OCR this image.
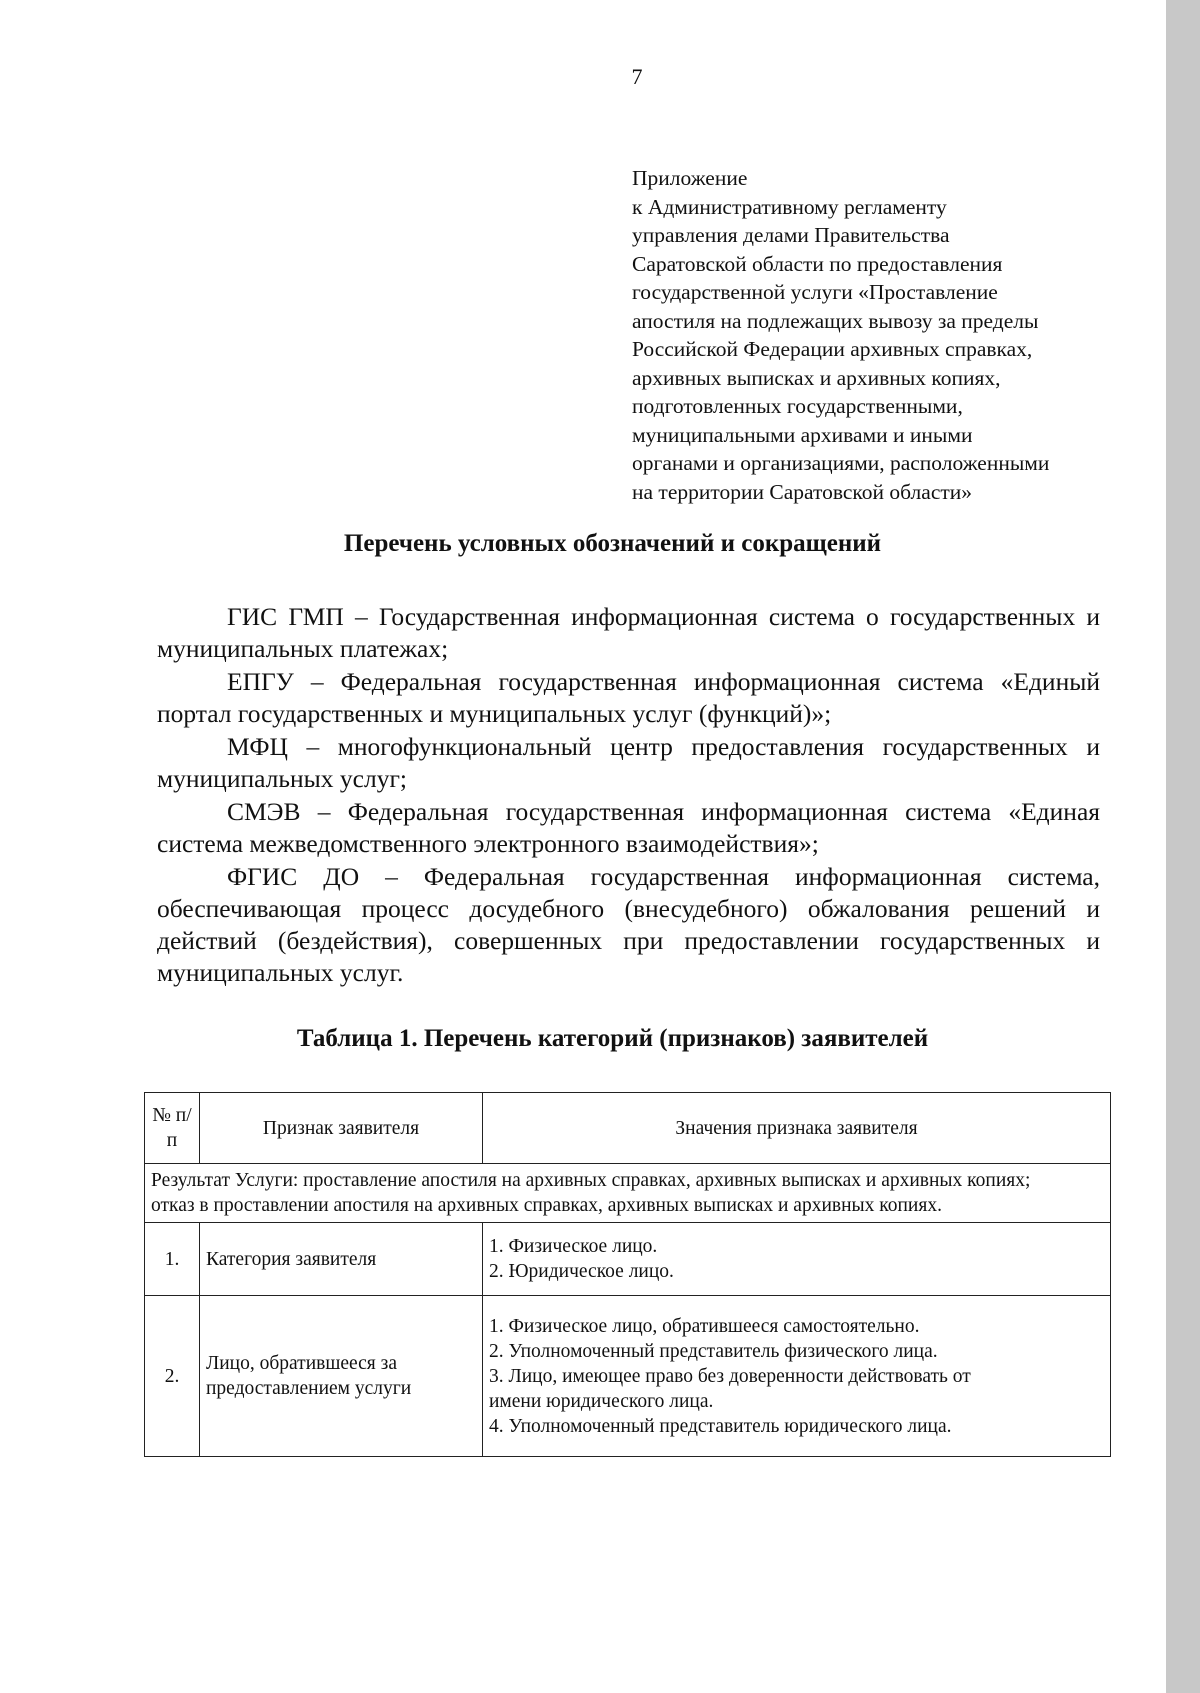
7
Приложение
к Административному регламенту
управления делами Правительства
Саратовской области по предоставления
государственной услуги «Проставление
апостиля на подлежащих вывозу за пределы
Российской Федерации архивных справках,
архивных выписках и архивных копиях,
подготовленных государственными,
муниципальными архивами и иными
органами и организациями, расположенными
на территории Саратовской области»
Перечень условных обозначений и сокращений
ГИС ГМП – Государственная информационная система о государственных и муниципальных платежах;
ЕПГУ – Федеральная государственная информационная система «Единый портал государственных и муниципальных услуг (функций)»;
МФЦ – многофункциональный центр предоставления государственных и муниципальных услуг;
СМЭВ – Федеральная государственная информационная система «Единая система межведомственного электронного взаимодействия»;
ФГИС ДО – Федеральная государственная информационная система, обеспечивающая процесс досудебного (внесудебного) обжалования решений и действий (бездействия), совершенных при предоставлении государственных и муниципальных услуг.
Таблица 1. Перечень категорий (признаков) заявителей
№ п/п	Признак заявителя	Значения признака заявителя

Результат Услуги: проставление апостиля на архивных справках, архивных выписках и архивных копиях;
отказ в проставлении апостиля на архивных справках, архивных выписках и архивных копиях.		

1.	Категория заявителя	1. Физическое лицо.
2. Юридическое лицо.

2.	Лицо, обратившееся за предоставлением услуги	1. Физическое лицо, обратившееся самостоятельно.
2. Уполномоченный представитель физического лица.
3. Лицо, имеющее право без доверенности действовать от
имени юридического лица.
4. Уполномоченный представитель юридического лица.
